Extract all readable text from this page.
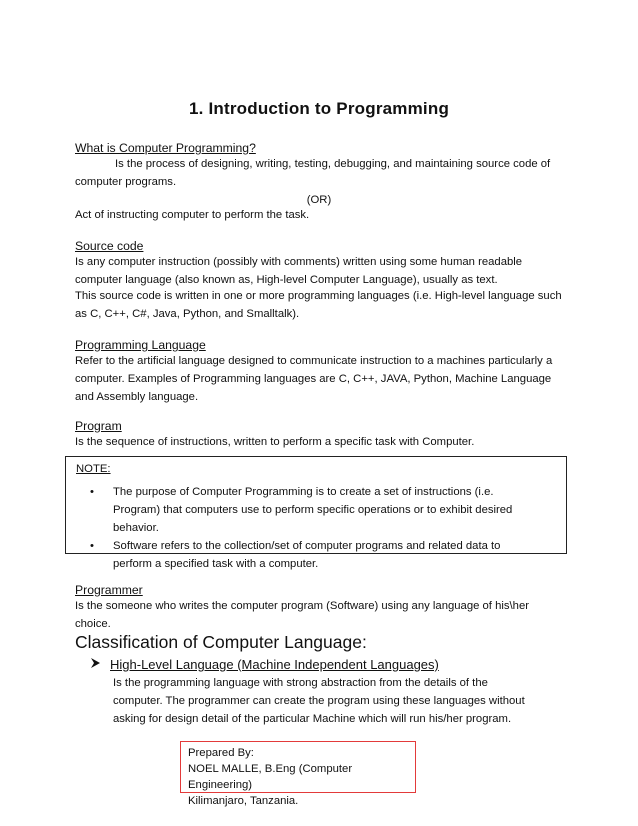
1. Introduction to Programming
What is Computer Programming?

Is the process of designing, writing, testing, debugging, and maintaining source code of computer programs.

(OR)

Act of instructing computer to perform the task.

Source code

Is any computer instruction (possibly with comments) written using some human readable computer language (also known as, High-level Computer Language), usually as text.

This source code is written in one or more programming languages (i.e. High-level language such as C, C++, C#, Java, Python, and Smalltalk).

Programming Language

Refer to the artificial language designed to communicate instruction to a machines particularly a computer. Examples of Programming languages are C, C++, JAVA, Python, Machine Language and Assembly language.

Program

Is the sequence of instructions, written to perform a specific task with Computer.

NOTE:
• The purpose of Computer Programming is to create a set of instructions (i.e. Program) that computers use to perform specific operations or to exhibit desired behavior.
• Software refers to the collection/set of computer programs and related data to perform a specified task with a computer.
Programmer

Is the someone who writes the computer program (Software) using any language of his\her choice.

Classification of Computer Language:
High-Level Language (Machine Independent Languages)

Is the programming language with strong abstraction from the details of the computer. The programmer can create the program using these languages without asking for design detail of the particular Machine which will run his/her program.

Prepared By:
NOEL MALLE, B.Eng (Computer Engineering)
Kilimanjaro, Tanzania.
